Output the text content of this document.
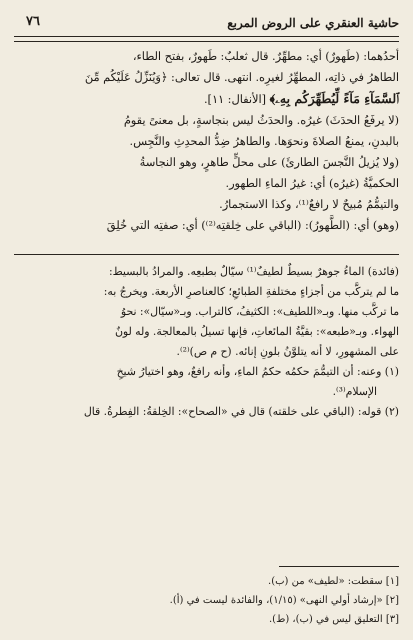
حاشية العنقري على الروض المربع
٧٦

أحدُهما: (طَهورٌ) أي: مطهِّرٌ. قال ثعلبٌ: طَهورٌ، بفتح الطاء،

الطاهرُ في ذاتِه، المطهِّرُ لغيرِه. انتهى. قال تعالى: ﴿وَيُنَزِّلُ عَلَيْكُم مِّنَ

ٱلسَّمَآءِ مَآءً لِّيُطَهِّرَكُم بِهِۦ﴾ [الأنفال: ١١].

(لا يرفَعُ الحدَثَ) غيرُه. والحدَثُ ليس بنجاسةٍ، بل معنىً يقومُ

بالبدنِ، يمنعُ الصلاةَ ونحوَها. والطاهرُ ضِدُّ المحدِثِ والنَّجِس.

(ولا يُزيلُ النَّجسَ الطارئَ) على محلٍّ طاهرٍ، وهو النجاسةُ

الحكميَّةُ (غيرُه) أي: غيرُ الماءِ الطهور.

والتيمُّمُ مُبيحٌ لا رافعٌ⁽¹⁾، وكذا الاستجمارُ.

(وهو) أي: (الطَّهورُ): (الباقي على خِلقتِه⁽²⁾) أي: صفتِه التي خُلِقَ

(فائدة) الماءُ جوهرٌ بسيطٌ لطيفٌ⁽¹⁾ سيّالٌ بطبعِه. والمرادُ بالبسيط:

ما لم يتركَّب من أجزاءٍ مختلفةِ الطبائعِ؛ كالعناصرِ الأربعة. ويخرجُ به:

ما تركَّب منها. وبـ«اللطيف»: الكثيفُ، كالتراب. وبـ«سيّال»: نحوُ

الهواء. وبـ«طبعه»: بقيَّةُ المائعاتِ، فإنها تسيلُ بالمعالجة. وله لونٌ

على المشهورِ، لا أنه يتلوَّنُ بلونِ إنائه. (ح م ص)⁽²⁾.

(١) وعنه: أن التيمُّمَ حكمُه حكمُ الماءِ، وأنه رافعٌ، وهو اختيارُ شيخِ

الإسلام⁽³⁾.

(٢) قوله: (الباقي على خلقته) قال في «الصحاح»: الخِلقةُ: الفِطرةُ. قال

[١] سقطت: «لطيف» من (ب).
[٢] «إرشاد أولي النهى» (١/١٥)، والفائدة ليست في (أ).
[٣] التعليق ليس في (ب)، (ط).
